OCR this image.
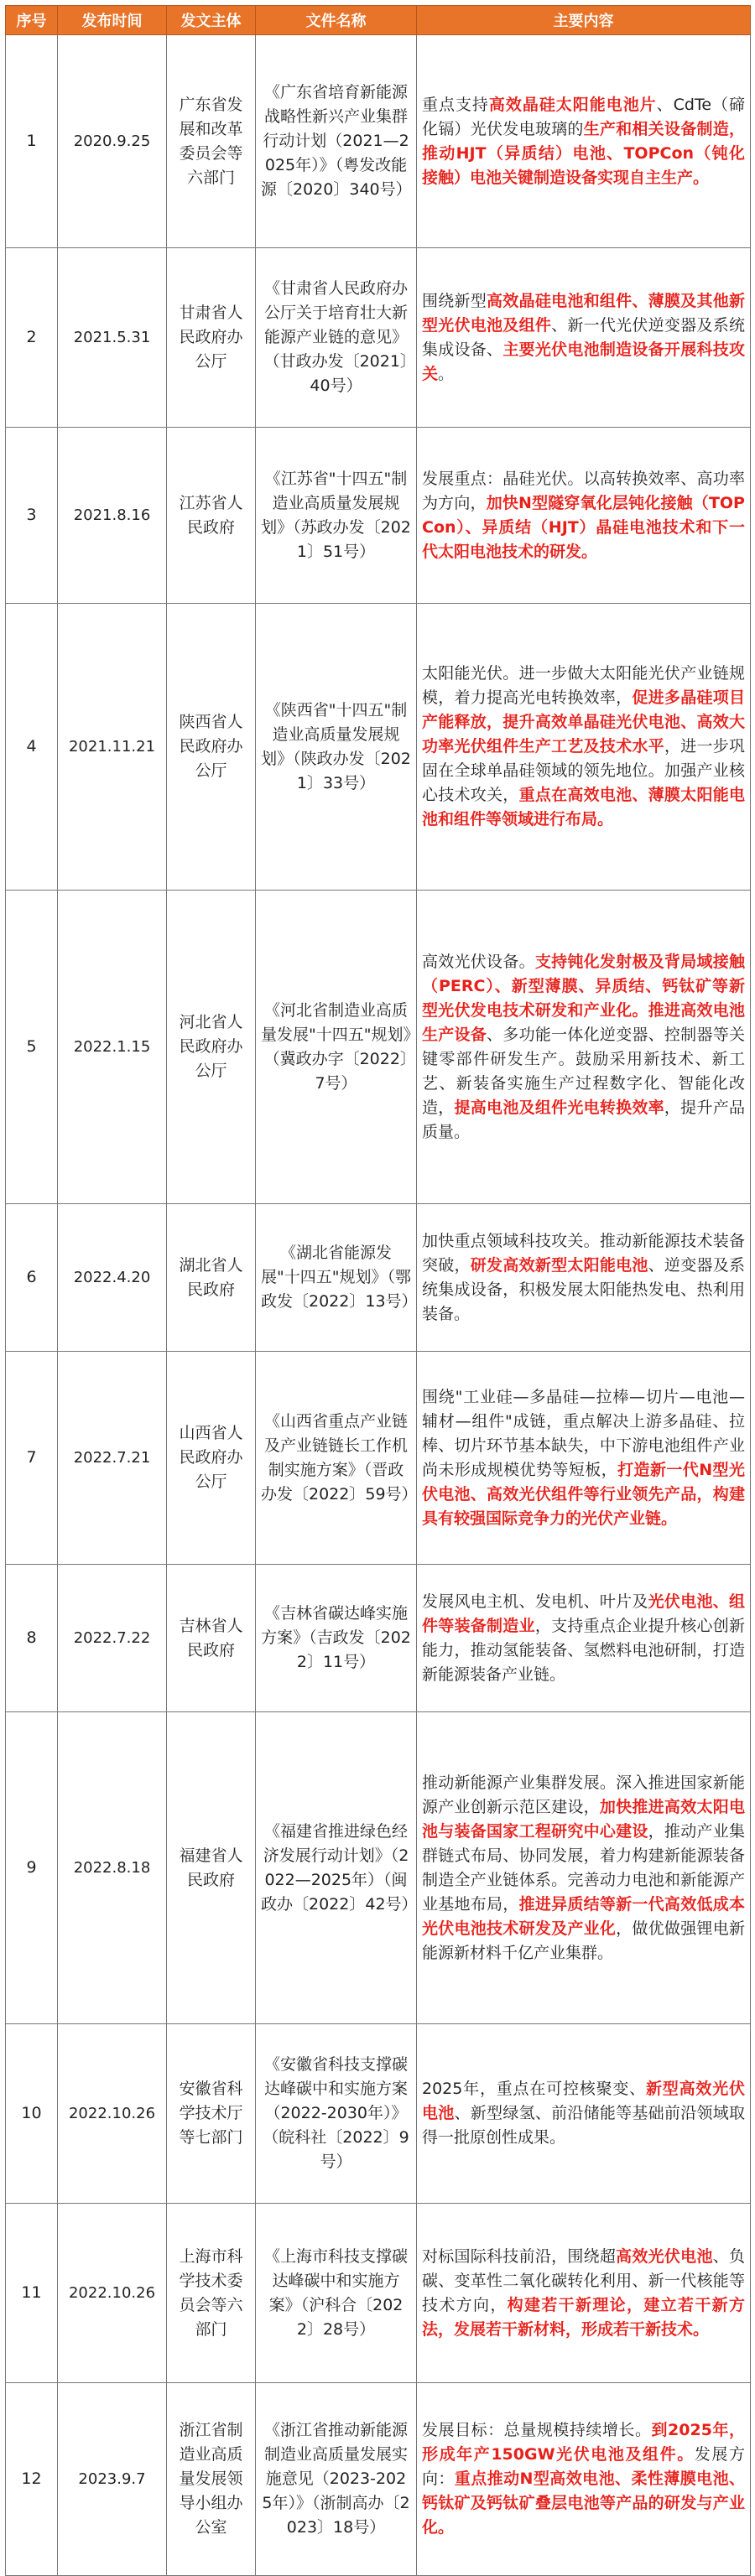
序号	发布时间	发文主体	文件名称	主要内容
1	2020.9.25	广东省发展和改革委员会等六部门	《广东省培育新能源战略性新兴产业集群行动计划（2021—2025年）》（粤发改能源〔2020〕340号）	重点支持高效晶硅太阳能电池片、CdTe（碲化镉）光伏发电玻璃的生产和相关设备制造，推动HJT（异质结）电池、TOPCon（钝化接触）电池关键制造设备实现自主生产。
2	2021.5.31	甘肃省人民政府办公厅	《甘肃省人民政府办公厅关于培育壮大新能源产业链的意见》（甘政办发〔2021〕40号）	围绕新型高效晶硅电池和组件、薄膜及其他新型光伏电池及组件、新一代光伏逆变器及系统集成设备、主要光伏电池制造设备开展科技攻关。
3	2021.8.16	江苏省人民政府	《江苏省"十四五"制造业高质量发展规划》（苏政办发〔2021〕51号）	发展重点：晶硅光伏。以高转换效率、高功率为方向，加快N型隧穿氧化层钝化接触（TOPCon）、异质结（HJT）晶硅电池技术和下一代太阳电池技术的研发。
4	2021.11.21	陕西省人民政府办公厅	《陕西省"十四五"制造业高质量发展规划》（陕政办发〔2021〕33号）	太阳能光伏。进一步做大太阳能光伏产业链规模，着力提高光电转换效率，促进多晶硅项目产能释放，提升高效单晶硅光伏电池、高效大功率光伏组件生产工艺及技术水平，进一步巩固在全球单晶硅领域的领先地位。加强产业核心技术攻关，重点在高效电池、薄膜太阳能电池和组件等领域进行布局。
5	2022.1.15	河北省人民政府办公厅	《河北省制造业高质量发展"十四五"规划》（冀政办字〔2022〕7号）	高效光伏设备。支持钝化发射极及背局域接触（PERC）、新型薄膜、异质结、钙钛矿等新型光伏发电技术研发和产业化。推进高效电池生产设备、多功能一体化逆变器、控制器等关键零部件研发生产。鼓励采用新技术、新工艺、新装备实施生产过程数字化、智能化改造，提高电池及组件光电转换效率，提升产品质量。
6	2022.4.20	湖北省人民政府	《湖北省能源发展"十四五"规划》（鄂政发〔2022〕13号）	加快重点领域科技攻关。推动新能源技术装备突破，研发高效新型太阳能电池、逆变器及系统集成设备，积极发展太阳能热发电、热利用装备。
7	2022.7.21	山西省人民政府办公厅	《山西省重点产业链及产业链链长工作机制实施方案》（晋政办发〔2022〕59号）	围绕"工业硅—多晶硅—拉棒—切片—电池—辅材—组件"成链，重点解决上游多晶硅、拉棒、切片环节基本缺失，中下游电池组件产业尚未形成规模优势等短板，打造新一代N型光伏电池、高效光伏组件等行业领先产品，构建具有较强国际竞争力的光伏产业链。
8	2022.7.22	吉林省人民政府	《吉林省碳达峰实施方案》（吉政发〔2022〕11号）	发展风电主机、发电机、叶片及光伏电池、组件等装备制造业，支持重点企业提升核心创新能力，推动氢能装备、氢燃料电池研制，打造新能源装备产业链。
9	2022.8.18	福建省人民政府	《福建省推进绿色经济发展行动计划》（2022—2025年）（闽政办〔2022〕42号）	推动新能源产业集群发展。深入推进国家新能源产业创新示范区建设，加快推进高效太阳电池与装备国家工程研究中心建设，推动产业集群链式布局、协同发展，着力构建新能源装备制造全产业链体系。完善动力电池和新能源产业基地布局，推进异质结等新一代高效低成本光伏电池技术研发及产业化，做优做强锂电新能源新材料千亿产业集群。
10	2022.10.26	安徽省科学技术厅等七部门	《安徽省科技支撑碳达峰碳中和实施方案（2022-2030年）》（皖科社〔2022〕9号）	2025年，重点在可控核聚变、新型高效光伏电池、新型绿氢、前沿储能等基础前沿领域取得一批原创性成果。
11	2022.10.26	上海市科学技术委员会等六部门	《上海市科技支撑碳达峰碳中和实施方案》（沪科合〔2022〕28号）	对标国际科技前沿，围绕超高效光伏电池、负碳、变革性二氧化碳转化利用、新一代核能等技术方向，构建若干新理论，建立若干新方法，发展若干新材料，形成若干新技术。
12	2023.9.7	浙江省制造业高质量发展领导小组办公室	《浙江省推动新能源制造业高质量发展实施意见（2023-2025年）》（浙制高办〔2023〕18号）	发展目标：总量规模持续增长。到2025年，形成年产150GW光伏电池及组件。发展方向：重点推动N型高效电池、柔性薄膜电池、钙钛矿及钙钛矿叠层电池等产品的研发与产业化。
